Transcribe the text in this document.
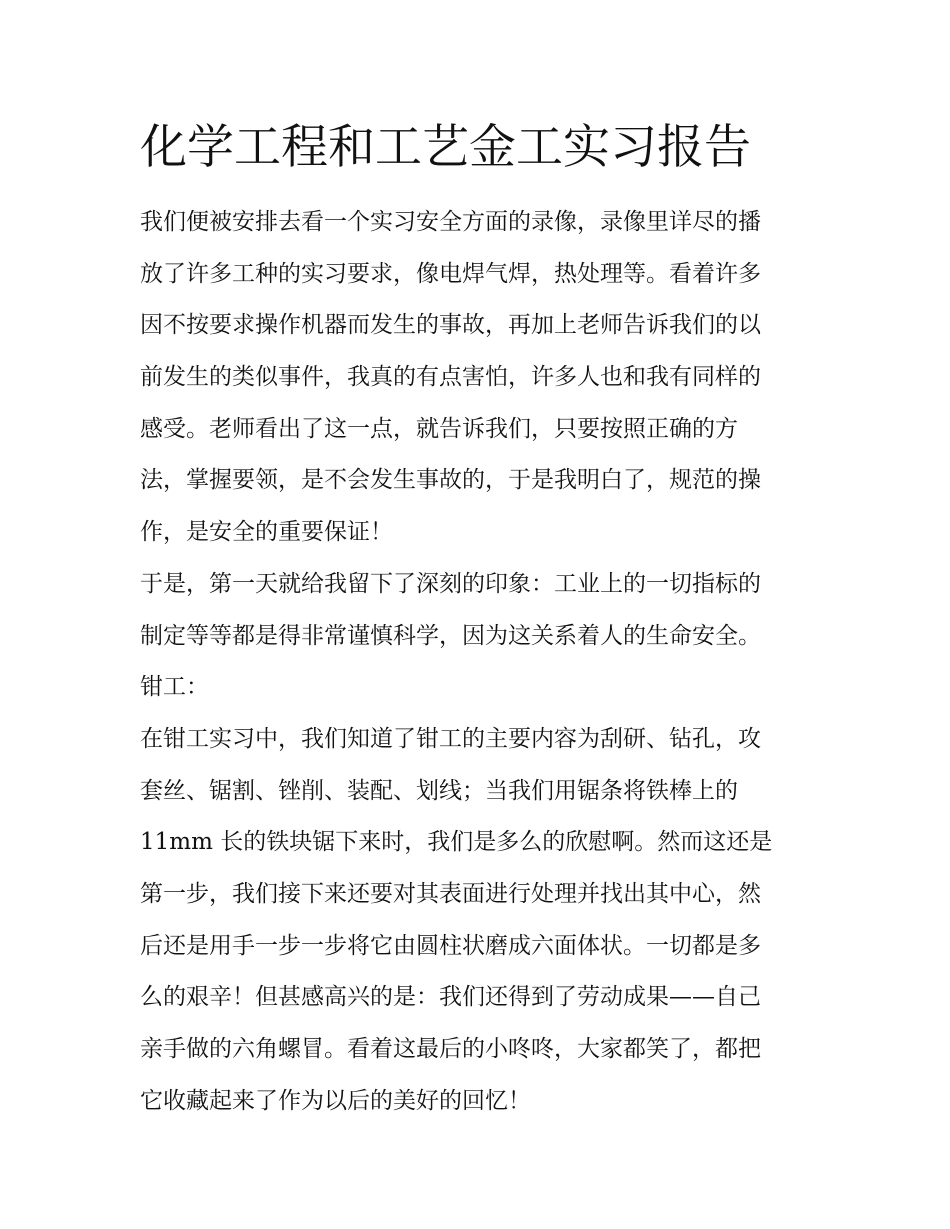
化学工程和工艺金工实习报告
我们便被安排去看一个实习安全方面的录像，录像里详尽的播
放了许多工种的实习要求，像电焊气焊，热处理等。看着许多
因不按要求操作机器而发生的事故，再加上老师告诉我们的以
前发生的类似事件，我真的有点害怕，许多人也和我有同样的
感受。老师看出了这一点，就告诉我们，只要按照正确的方
法，掌握要领，是不会发生事故的，于是我明白了，规范的操
作，是安全的重要保证！
于是，第一天就给我留下了深刻的印象：工业上的一切指标的
制定等等都是得非常谨慎科学，因为这关系着人的生命安全。
钳工：
在钳工实习中，我们知道了钳工的主要内容为刮研、钻孔，攻
套丝、锯割、锉削、装配、划线；当我们用锯条将铁棒上的
11mm 长的铁块锯下来时，我们是多么的欣慰啊。然而这还是
第一步，我们接下来还要对其表面进行处理并找出其中心，然
后还是用手一步一步将它由圆柱状磨成六面体状。一切都是多
么的艰辛！但甚感高兴的是：我们还得到了劳动成果——自己
亲手做的六角螺冒。看着这最后的小咚咚，大家都笑了，都把
它收藏起来了作为以后的美好的回忆！
